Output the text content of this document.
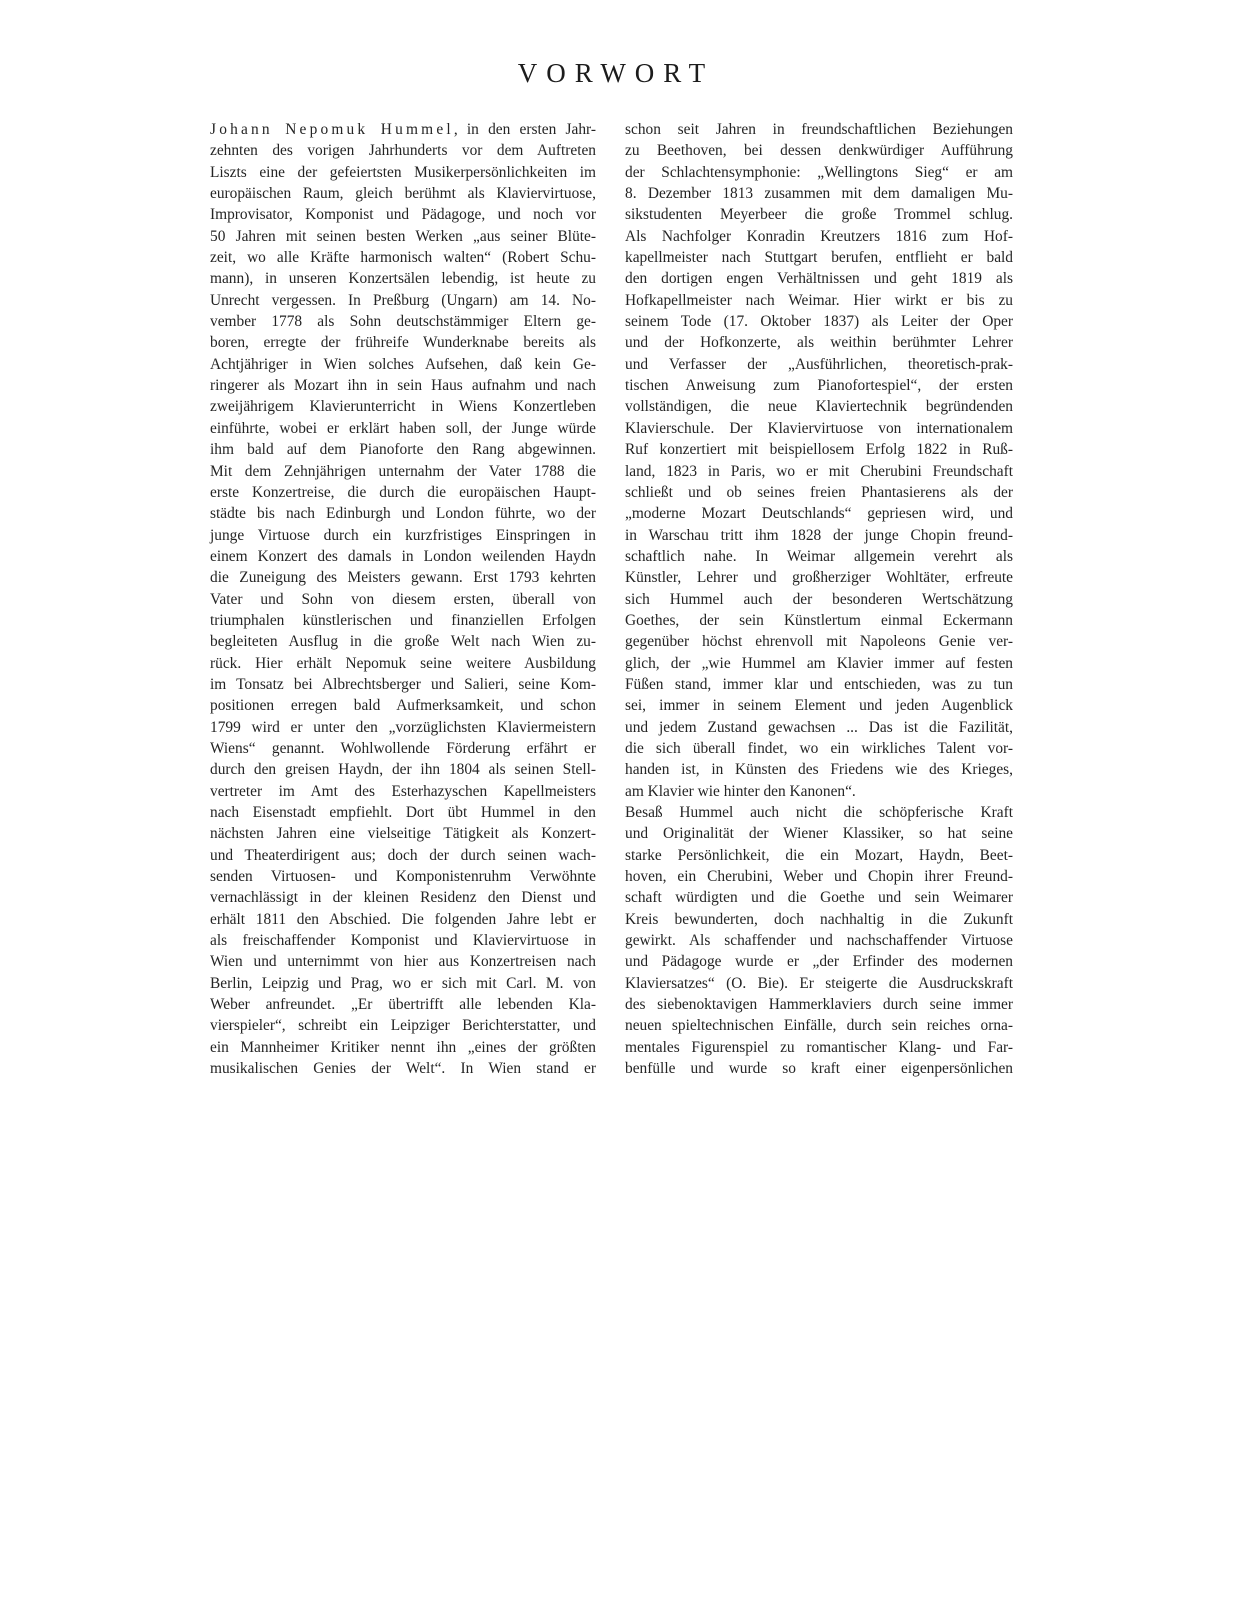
VORWORT
Johann Nepomuk Hummel, in den ersten Jahr-
zehnten des vorigen Jahrhunderts vor dem Auftreten
Liszts eine der gefeiertsten Musikerpersönlichkeiten im
europäischen Raum, gleich berühmt als Klaviervirtuose,
Improvisator, Komponist und Pädagoge, und noch vor
50 Jahren mit seinen besten Werken „aus seiner Blüte-
zeit, wo alle Kräfte harmonisch walten“ (Robert Schu-
mann), in unseren Konzertsälen lebendig, ist heute zu
Unrecht vergessen. In Preßburg (Ungarn) am 14. No-
vember 1778 als Sohn deutschstämmiger Eltern ge-
boren, erregte der frühreife Wunderknabe bereits als
Achtjähriger in Wien solches Aufsehen, daß kein Ge-
ringerer als Mozart ihn in sein Haus aufnahm und nach
zweijährigem Klavierunterricht in Wiens Konzertleben
einführte, wobei er erklärt haben soll, der Junge würde
ihm bald auf dem Pianoforte den Rang abgewinnen.
Mit dem Zehnjährigen unternahm der Vater 1788 die
erste Konzertreise, die durch die europäischen Haupt-
städte bis nach Edinburgh und London führte, wo der
junge Virtuose durch ein kurzfristiges Einspringen in
einem Konzert des damals in London weilenden Haydn
die Zuneigung des Meisters gewann. Erst 1793 kehrten
Vater und Sohn von diesem ersten, überall von
triumphalen künstlerischen und finanziellen Erfolgen
begleiteten Ausflug in die große Welt nach Wien zu-
rück. Hier erhält Nepomuk seine weitere Ausbildung
im Tonsatz bei Albrechtsberger und Salieri, seine Kom-
positionen erregen bald Aufmerksamkeit, und schon
1799 wird er unter den „vorzüglichsten Klaviermeistern
Wiens“ genannt. Wohlwollende Förderung erfährt er
durch den greisen Haydn, der ihn 1804 als seinen Stell-
vertreter im Amt des Esterhazyschen Kapellmeisters
nach Eisenstadt empfiehlt. Dort übt Hummel in den
nächsten Jahren eine vielseitige Tätigkeit als Konzert-
und Theaterdirigent aus; doch der durch seinen wach-
senden Virtuosen- und Komponistenruhm Verwöhnte
vernachlässigt in der kleinen Residenz den Dienst und
erhält 1811 den Abschied. Die folgenden Jahre lebt er
als freischaffender Komponist und Klaviervirtuose in
Wien und unternimmt von hier aus Konzertreisen nach
Berlin, Leipzig und Prag, wo er sich mit Carl. M. von
Weber anfreundet. „Er übertrifft alle lebenden Kla-
vierspieler“, schreibt ein Leipziger Berichterstatter, und
ein Mannheimer Kritiker nennt ihn „eines der größten
musikalischen Genies der Welt“. In Wien stand er
schon seit Jahren in freundschaftlichen Beziehungen
zu Beethoven, bei dessen denkwürdiger Aufführung
der Schlachtensymphonie: „Wellingtons Sieg“ er am
8. Dezember 1813 zusammen mit dem damaligen Mu-
sikstudenten Meyerbeer die große Trommel schlug.
Als Nachfolger Konradin Kreutzers 1816 zum Hof-
kapellmeister nach Stuttgart berufen, entflieht er bald
den dortigen engen Verhältnissen und geht 1819 als
Hofkapellmeister nach Weimar. Hier wirkt er bis zu
seinem Tode (17. Oktober 1837) als Leiter der Oper
und der Hofkonzerte, als weithin berühmter Lehrer
und Verfasser der „Ausführlichen, theoretisch-prak-
tischen Anweisung zum Pianofortespiel“, der ersten
vollständigen, die neue Klaviertechnik begründenden
Klavierschule. Der Klaviervirtuose von internationalem
Ruf konzertiert mit beispiellosem Erfolg 1822 in Ruß-
land, 1823 in Paris, wo er mit Cherubini Freundschaft
schließt und ob seines freien Phantasierens als der
„moderne Mozart Deutschlands“ gepriesen wird, und
in Warschau tritt ihm 1828 der junge Chopin freund-
schaftlich nahe. In Weimar allgemein verehrt als
Künstler, Lehrer und großherziger Wohltäter, erfreute
sich Hummel auch der besonderen Wertschätzung
Goethes, der sein Künstlertum einmal Eckermann
gegenüber höchst ehrenvoll mit Napoleons Genie ver-
glich, der „wie Hummel am Klavier immer auf festen
Füßen stand, immer klar und entschieden, was zu tun
sei, immer in seinem Element und jeden Augenblick
und jedem Zustand gewachsen ... Das ist die Fazilität,
die sich überall findet, wo ein wirkliches Talent vor-
handen ist, in Künsten des Friedens wie des Krieges,
am Klavier wie hinter den Kanonen“.
Besaß Hummel auch nicht die schöpferische Kraft
und Originalität der Wiener Klassiker, so hat seine
starke Persönlichkeit, die ein Mozart, Haydn, Beet-
hoven, ein Cherubini, Weber und Chopin ihrer Freund-
schaft würdigten und die Goethe und sein Weimarer
Kreis bewunderten, doch nachhaltig in die Zukunft
gewirkt. Als schaffender und nachschaffender Virtuose
und Pädagoge wurde er „der Erfinder des modernen
Klaviersatzes“ (O. Bie). Er steigerte die Ausdruckskraft
des siebenoktavigen Hammerklaviers durch seine immer
neuen spieltechnischen Einfälle, durch sein reiches orna-
mentales Figurenspiel zu romantischer Klang- und Far-
benfülle und wurde so kraft einer eigenpersönlichen
